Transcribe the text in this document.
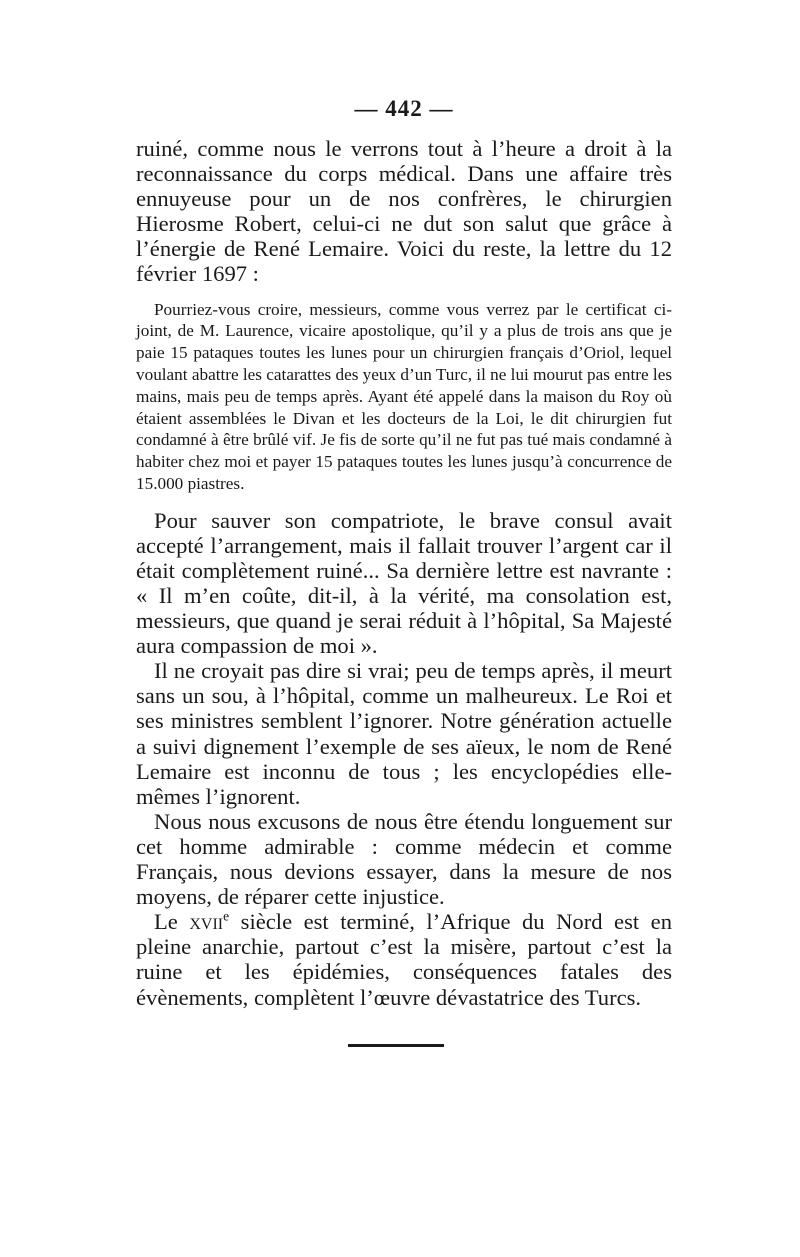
— 442 —

ruiné, comme nous le verrons tout à l’heure a droit à la reconnaissance du corps médical. Dans une affaire très ennuyeuse pour un de nos confrères, le chirurgien Hierosme Robert, celui-ci ne dut son salut que grâce à l’énergie de René Lemaire. Voici du reste, la lettre du 12 février 1697 :

Pourriez-vous croire, messieurs, comme vous verrez par le certificat ci-joint, de M. Laurence, vicaire apostolique, qu’il y a plus de trois ans que je paie 15 pataques toutes les lunes pour un chirurgien français d’Oriol, lequel voulant abattre les catarattes des yeux d’un Turc, il ne lui mourut pas entre les mains, mais peu de temps après. Ayant été appelé dans la maison du Roy où étaient assemblées le Divan et les docteurs de la Loi, le dit chirurgien fut condamné à être brûlé vif. Je fis de sorte qu’il ne fut pas tué mais condamné à habiter chez moi et payer 15 pataques toutes les lunes jusqu’à concurrence de 15.000 piastres.

Pour sauver son compatriote, le brave consul avait accepté l’arrangement, mais il fallait trouver l’argent car il était complètement ruiné... Sa dernière lettre est navrante : « Il m’en coûte, dit-il, à la vérité, ma consolation est, messieurs, que quand je serai réduit à l’hôpital, Sa Majesté aura compassion de moi ».

Il ne croyait pas dire si vrai; peu de temps après, il meurt sans un sou, à l’hôpital, comme un malheureux. Le Roi et ses ministres semblent l’ignorer. Notre génération actuelle a suivi dignement l’exemple de ses aïeux, le nom de René Lemaire est inconnu de tous ; les encyclopédies elle-mêmes l’ignorent.

Nous nous excusons de nous être étendu longuement sur cet homme admirable : comme médecin et comme Français, nous devions essayer, dans la mesure de nos moyens, de réparer cette injustice.

Le xvii$^e$ siècle est terminé, l’Afrique du Nord est en pleine anarchie, partout c’est la misère, partout c’est la ruine et les épidémies, conséquences fatales des évènements, complètent l’œuvre dévastatrice des Turcs.
